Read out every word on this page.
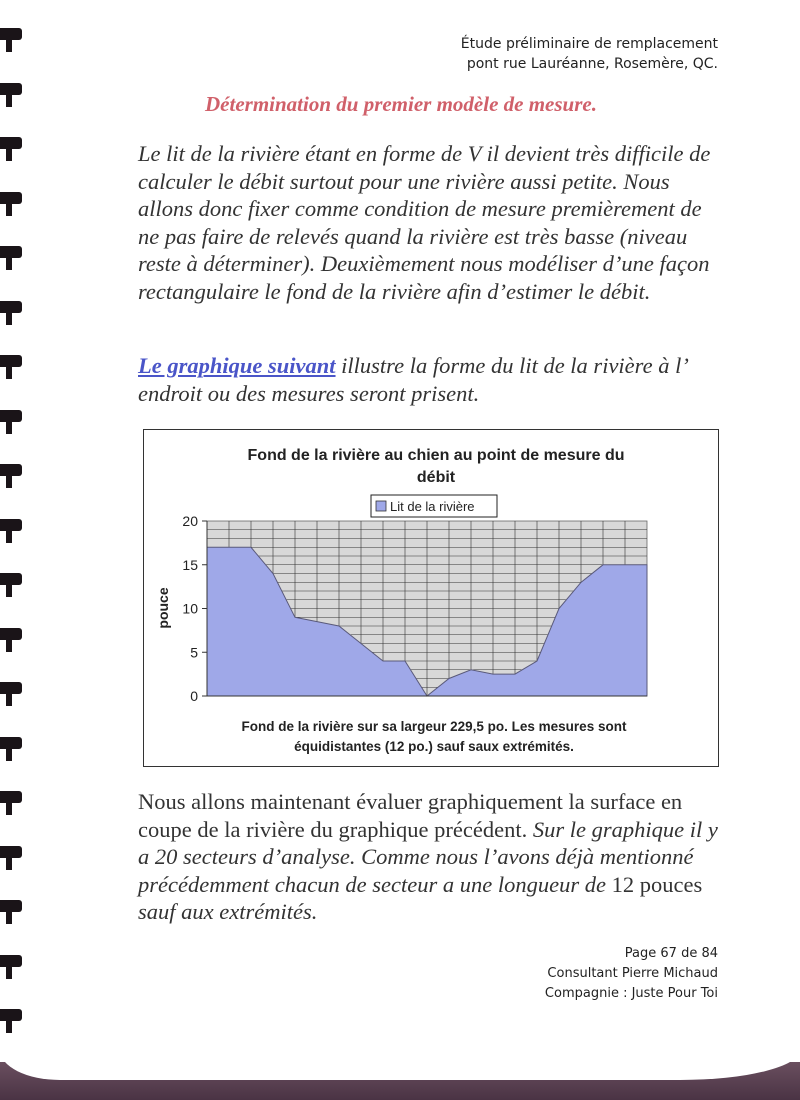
Étude préliminaire de remplacement
pont rue Lauréanne, Rosemère, QC.
Détermination du premier modèle de mesure.

Le lit de la rivière étant en forme de V il devient très difficile de calculer le débit surtout pour une rivière aussi petite. Nous allons donc fixer comme condition de mesure premièrement de ne pas faire de relevés quand la rivière est très basse (niveau reste à déterminer). Deuxièmement nous modéliser d’une façon rectangulaire le fond de la rivière afin d’estimer le débit.

Le graphique suivant illustre la forme du lit de la rivière à l’ endroit ou des mesures seront prisent.

Fond de la rivière au chien au point de mesure du
débit
Lit de la rivière
0
5
10
15
20
pouce
Fond de la rivière sur sa largeur 229,5 po. Les mesures sont
équidistantes (12 po.) sauf saux extrémités.

Nous allons maintenant évaluer graphiquement la surface en coupe de la rivière du graphique précédent. Sur le graphique il y a 20 secteurs d’analyse. Comme nous l’avons déjà mentionné précédemment chacun de secteur a une longueur de 12 pouces sauf aux extrémités.

Page 67 de 84
Consultant Pierre Michaud
Compagnie : Juste Pour Toi
